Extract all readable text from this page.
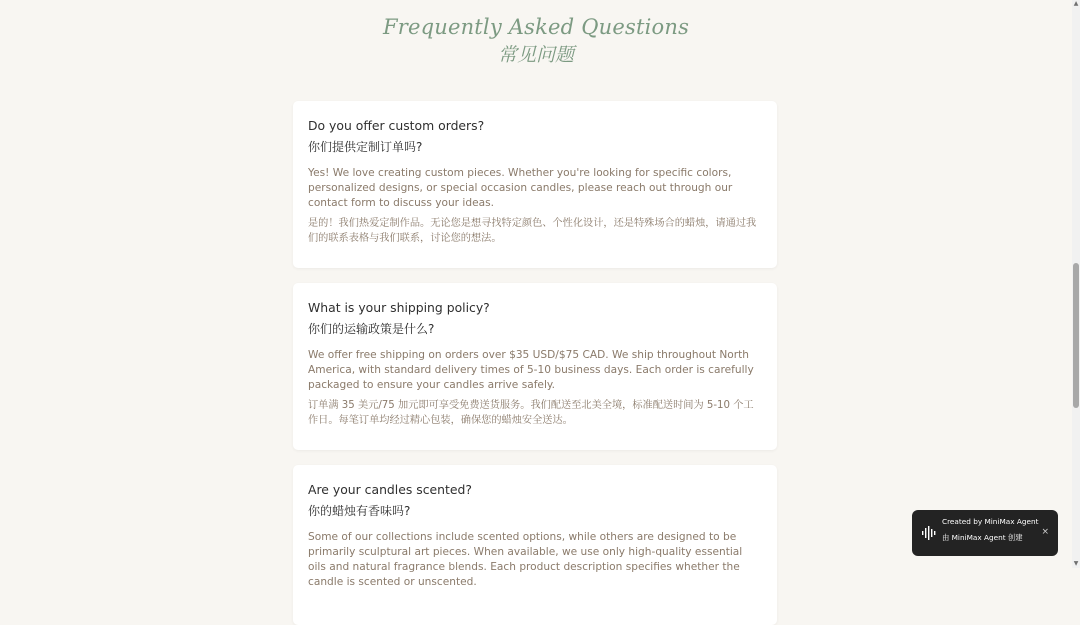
Frequently Asked Questions
常见问题

Do you offer custom orders?

你们提供定制订单吗?

Yes! We love creating custom pieces. Whether you're looking for specific colors, personalized designs, or special occasion candles, please reach out through our contact form to discuss your ideas.

是的！我们热爱定制作品。无论您是想寻找特定颜色、个性化设计，还是特殊场合的蜡烛，请通过我们的联系表格与我们联系，讨论您的想法。

What is your shipping policy?

你们的运输政策是什么?

We offer free shipping on orders over $35 USD/$75 CAD. We ship throughout North America, with standard delivery times of 5-10 business days. Each order is carefully packaged to ensure your candles arrive safely.

订单满 35 美元/75 加元即可享受免费送货服务。我们配送至北美全境，标准配送时间为 5-10 个工作日。每笔订单均经过精心包装，确保您的蜡烛安全送达。

Are your candles scented?

你的蜡烛有香味吗?

Some of our collections include scented options, while others are designed to be primarily sculptural art pieces. When available, we use only high-quality essential oils and natural fragrance blends. Each product description specifies whether the candle is scented or unscented.

▲
▼
Created by MiniMax Agent
由 MiniMax Agent 创建
×
